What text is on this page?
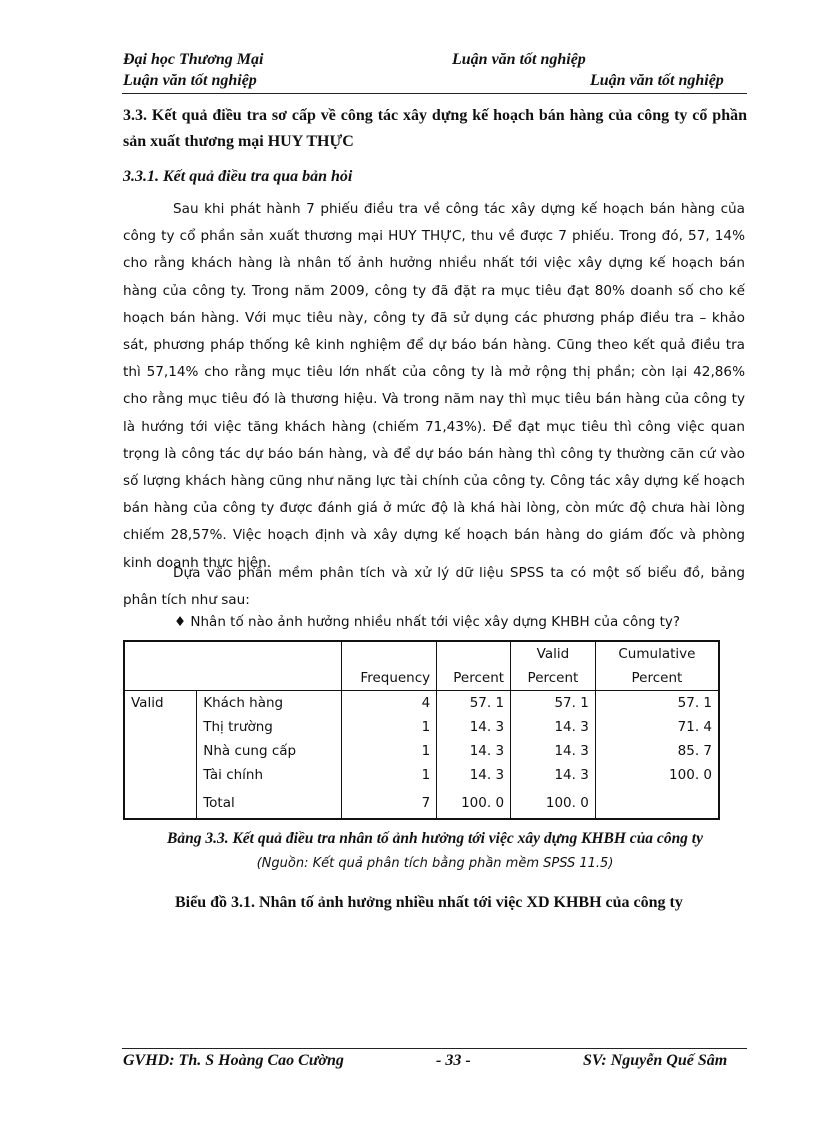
Đại học Thương Mại	Luận văn tốt nghiệp
Luận văn tốt nghiệp	Luận văn tốt nghiệp
3.3. Kết quả điều tra sơ cấp về công tác xây dựng kế hoạch bán hàng của công ty cổ phần sản xuất thương mại HUY THỰC
3.3.1. Kết quả điều tra qua bản hỏi

Sau khi phát hành 7 phiếu điều tra về công tác xây dựng kế hoạch bán hàng của công ty cổ phần sản xuất thương mại HUY THỰC, thu về được 7 phiếu. Trong đó, 57, 14% cho rằng khách hàng là nhân tố ảnh hưởng nhiều nhất tới việc xây dựng kế hoạch bán hàng của công ty. Trong năm 2009, công ty đã đặt ra mục tiêu đạt 80% doanh số cho kế hoạch bán hàng. Với mục tiêu này, công ty đã sử dụng các phương pháp điều tra – khảo sát, phương pháp thống kê kinh nghiệm để dự báo bán hàng. Cũng theo kết quả điều tra thì 57,14% cho rằng mục tiêu lớn nhất của công ty là mở rộng thị phần; còn lại 42,86% cho rằng mục tiêu đó là thương hiệu. Và trong năm nay thì mục tiêu bán hàng của công ty là hướng tới việc tăng khách hàng (chiếm 71,43%). Để đạt mục tiêu thì công việc quan trọng là công tác dự báo bán hàng, và để dự báo bán hàng thì công ty thường căn cứ vào số lượng khách hàng cũng như năng lực tài chính của công ty. Công tác xây dựng kế hoạch bán hàng của công ty được đánh giá ở mức độ là khá hài lòng, còn mức độ chưa hài lòng chiếm 28,57%. Việc hoạch định và xây dựng kế hoạch bán hàng do giám đốc và phòng kinh doanh thực hiện.

Dựa vào phần mềm phân tích và xử lý dữ liệu SPSS ta có một số biểu đồ, bảng phân tích như sau:

♦ Nhân tố nào ảnh hưởng nhiều nhất tới việc xây dựng KHBH của công ty?
				Valid	Cumulative
		Frequency	Percent	Percent	Percent
Valid	Khách hàng	4	57. 1	57. 1	57. 1
	Thị trường	1	14. 3	14. 3	71. 4
	Nhà cung cấp	1	14. 3	14. 3	85. 7
	Tài chính	1	14. 3	14. 3	100. 0
	Total	7	100. 0	100. 0	
Bảng 3.3. Kết quả điều tra nhân tố ảnh hưởng tới việc xây dựng KHBH của công ty
(Nguồn: Kết quả phân tích bằng phần mềm SPSS 11.5)
Biểu đồ 3.1. Nhân tố ảnh hưởng nhiều nhất tới việc XD KHBH của công ty
GVHD: Th. S Hoàng Cao Cường	- 33 -	SV: Nguyễn Quế Sâm
